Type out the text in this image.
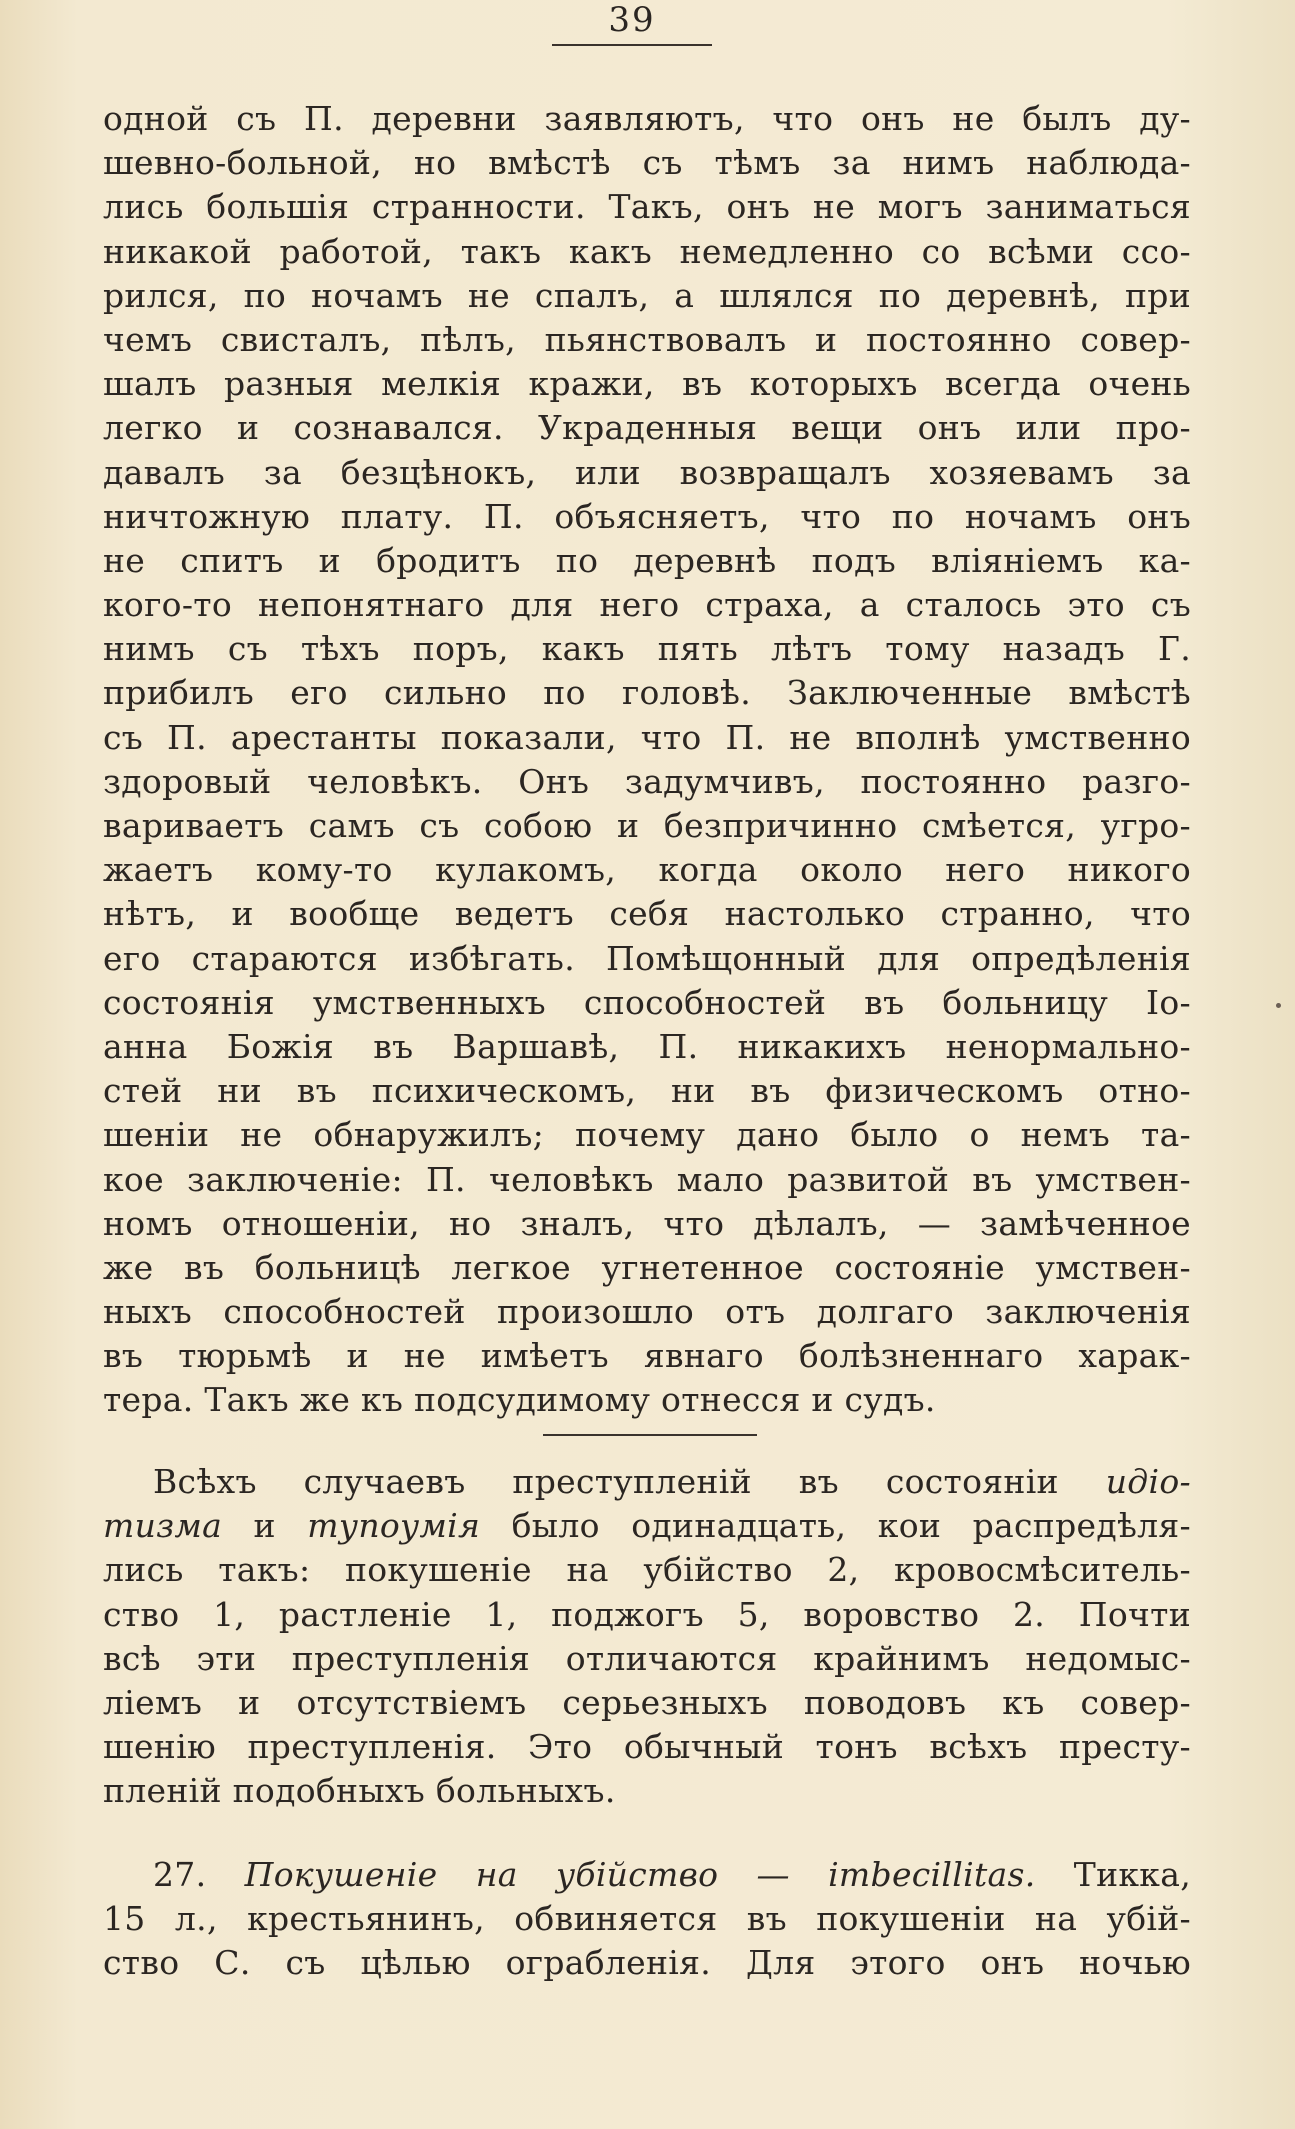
39
одной съ П. деревни заявляютъ, что онъ не былъ ду-
шевно-больной, но вмѣстѣ съ тѣмъ за нимъ наблюда-
лись большія странности. Такъ, онъ не могъ заниматься
никакой работой, такъ какъ немедленно со всѣми ссо-
рился, по ночамъ не спалъ, а шлялся по деревнѣ, при
чемъ свисталъ, пѣлъ, пьянствовалъ и постоянно совер-
шалъ разныя мелкія кражи, въ которыхъ всегда очень
легко и сознавался. Украденныя вещи онъ или про-
давалъ за безцѣнокъ, или возвращалъ хозяевамъ за
ничтожную плату. П. объясняетъ, что по ночамъ онъ
не спитъ и бродитъ по деревнѣ подъ вліяніемъ ка-
кого-то непонятнаго для него страха, а сталось это съ
нимъ съ тѣхъ поръ, какъ пять лѣтъ тому назадъ Г.
прибилъ его сильно по головѣ. Заключенные вмѣстѣ
съ П. арестанты показали, что П. не вполнѣ умственно
здоровый человѣкъ. Онъ задумчивъ, постоянно разго-
вариваетъ самъ съ собою и безпричинно смѣется, угро-
жаетъ кому-то кулакомъ, когда около него никого
нѣтъ, и вообще ведетъ себя настолько странно, что
его стараются избѣгать. Помѣщонный для опредѣленія
состоянія умственныхъ способностей въ больницу Іо-
анна Божія въ Варшавѣ, П. никакихъ ненормально-
стей ни въ психическомъ, ни въ физическомъ отно-
шеніи не обнаружилъ; почему дано было о немъ та-
кое заключеніе: П. человѣкъ мало развитой въ умствен-
номъ отношеніи, но зналъ, что дѣлалъ, — замѣченное
же въ больницѣ легкое угнетенное состояніе умствен-
ныхъ способностей произошло отъ долгаго заключенія
въ тюрьмѣ и не имѣетъ явнаго болѣзненнаго харак-
тера. Такъ же къ подсудимому отнесся и судъ.
Всѣхъ случаевъ преступленій въ состояніи идіо-
тизма и тупоумія было одинадцать, кои распредѣля-
лись такъ: покушеніе на убійство 2, кровосмѣситель-
ство 1, растленіе 1, поджогъ 5, воровство 2. Почти
всѣ эти преступленія отличаются крайнимъ недомыс-
ліемъ и отсутствіемъ серьезныхъ поводовъ къ совер-
шенію преступленія. Это обычный тонъ всѣхъ престу-
пленій подобныхъ больныхъ.
27. Покушеніе на убійство — imbecillitas. Тикка,
15 л., крестьянинъ, обвиняется въ покушеніи на убій-
ство С. съ цѣлью ограбленія. Для этого онъ ночью
